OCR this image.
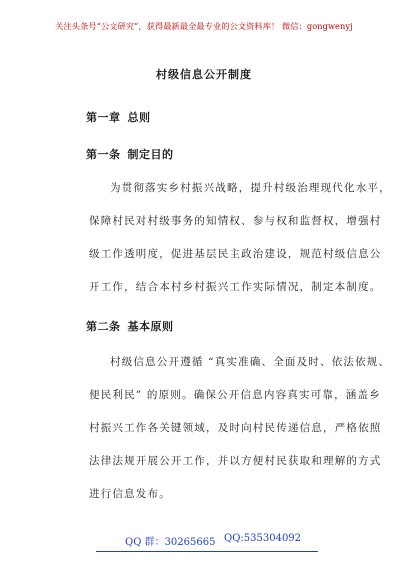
关注头条号“公文研究”，获得最新最全最专业的公文资料库！ 微信：gongwenyj
村级信息公开制度
第一章 总则
第一条 制定目的
为贯彻落实乡村振兴战略，提升村级治理现代化水平，
保障村民对村级事务的知情权、参与权和监督权，增强村
级工作透明度，促进基层民主政治建设，规范村级信息公
开工作，结合本村乡村振兴工作实际情况，制定本制度。
第二条 基本原则
村级信息公开遵循 “真实准确、全面及时、依法依规、
便民利民” 的原则。确保公开信息内容真实可靠，涵盖乡
村振兴工作各关键领域，及时向村民传递信息，严格依照
法律法规开展公开工作，并以方便村民获取和理解的方式
进行信息发布。
QQ 群：30265665 QQ:535304092
